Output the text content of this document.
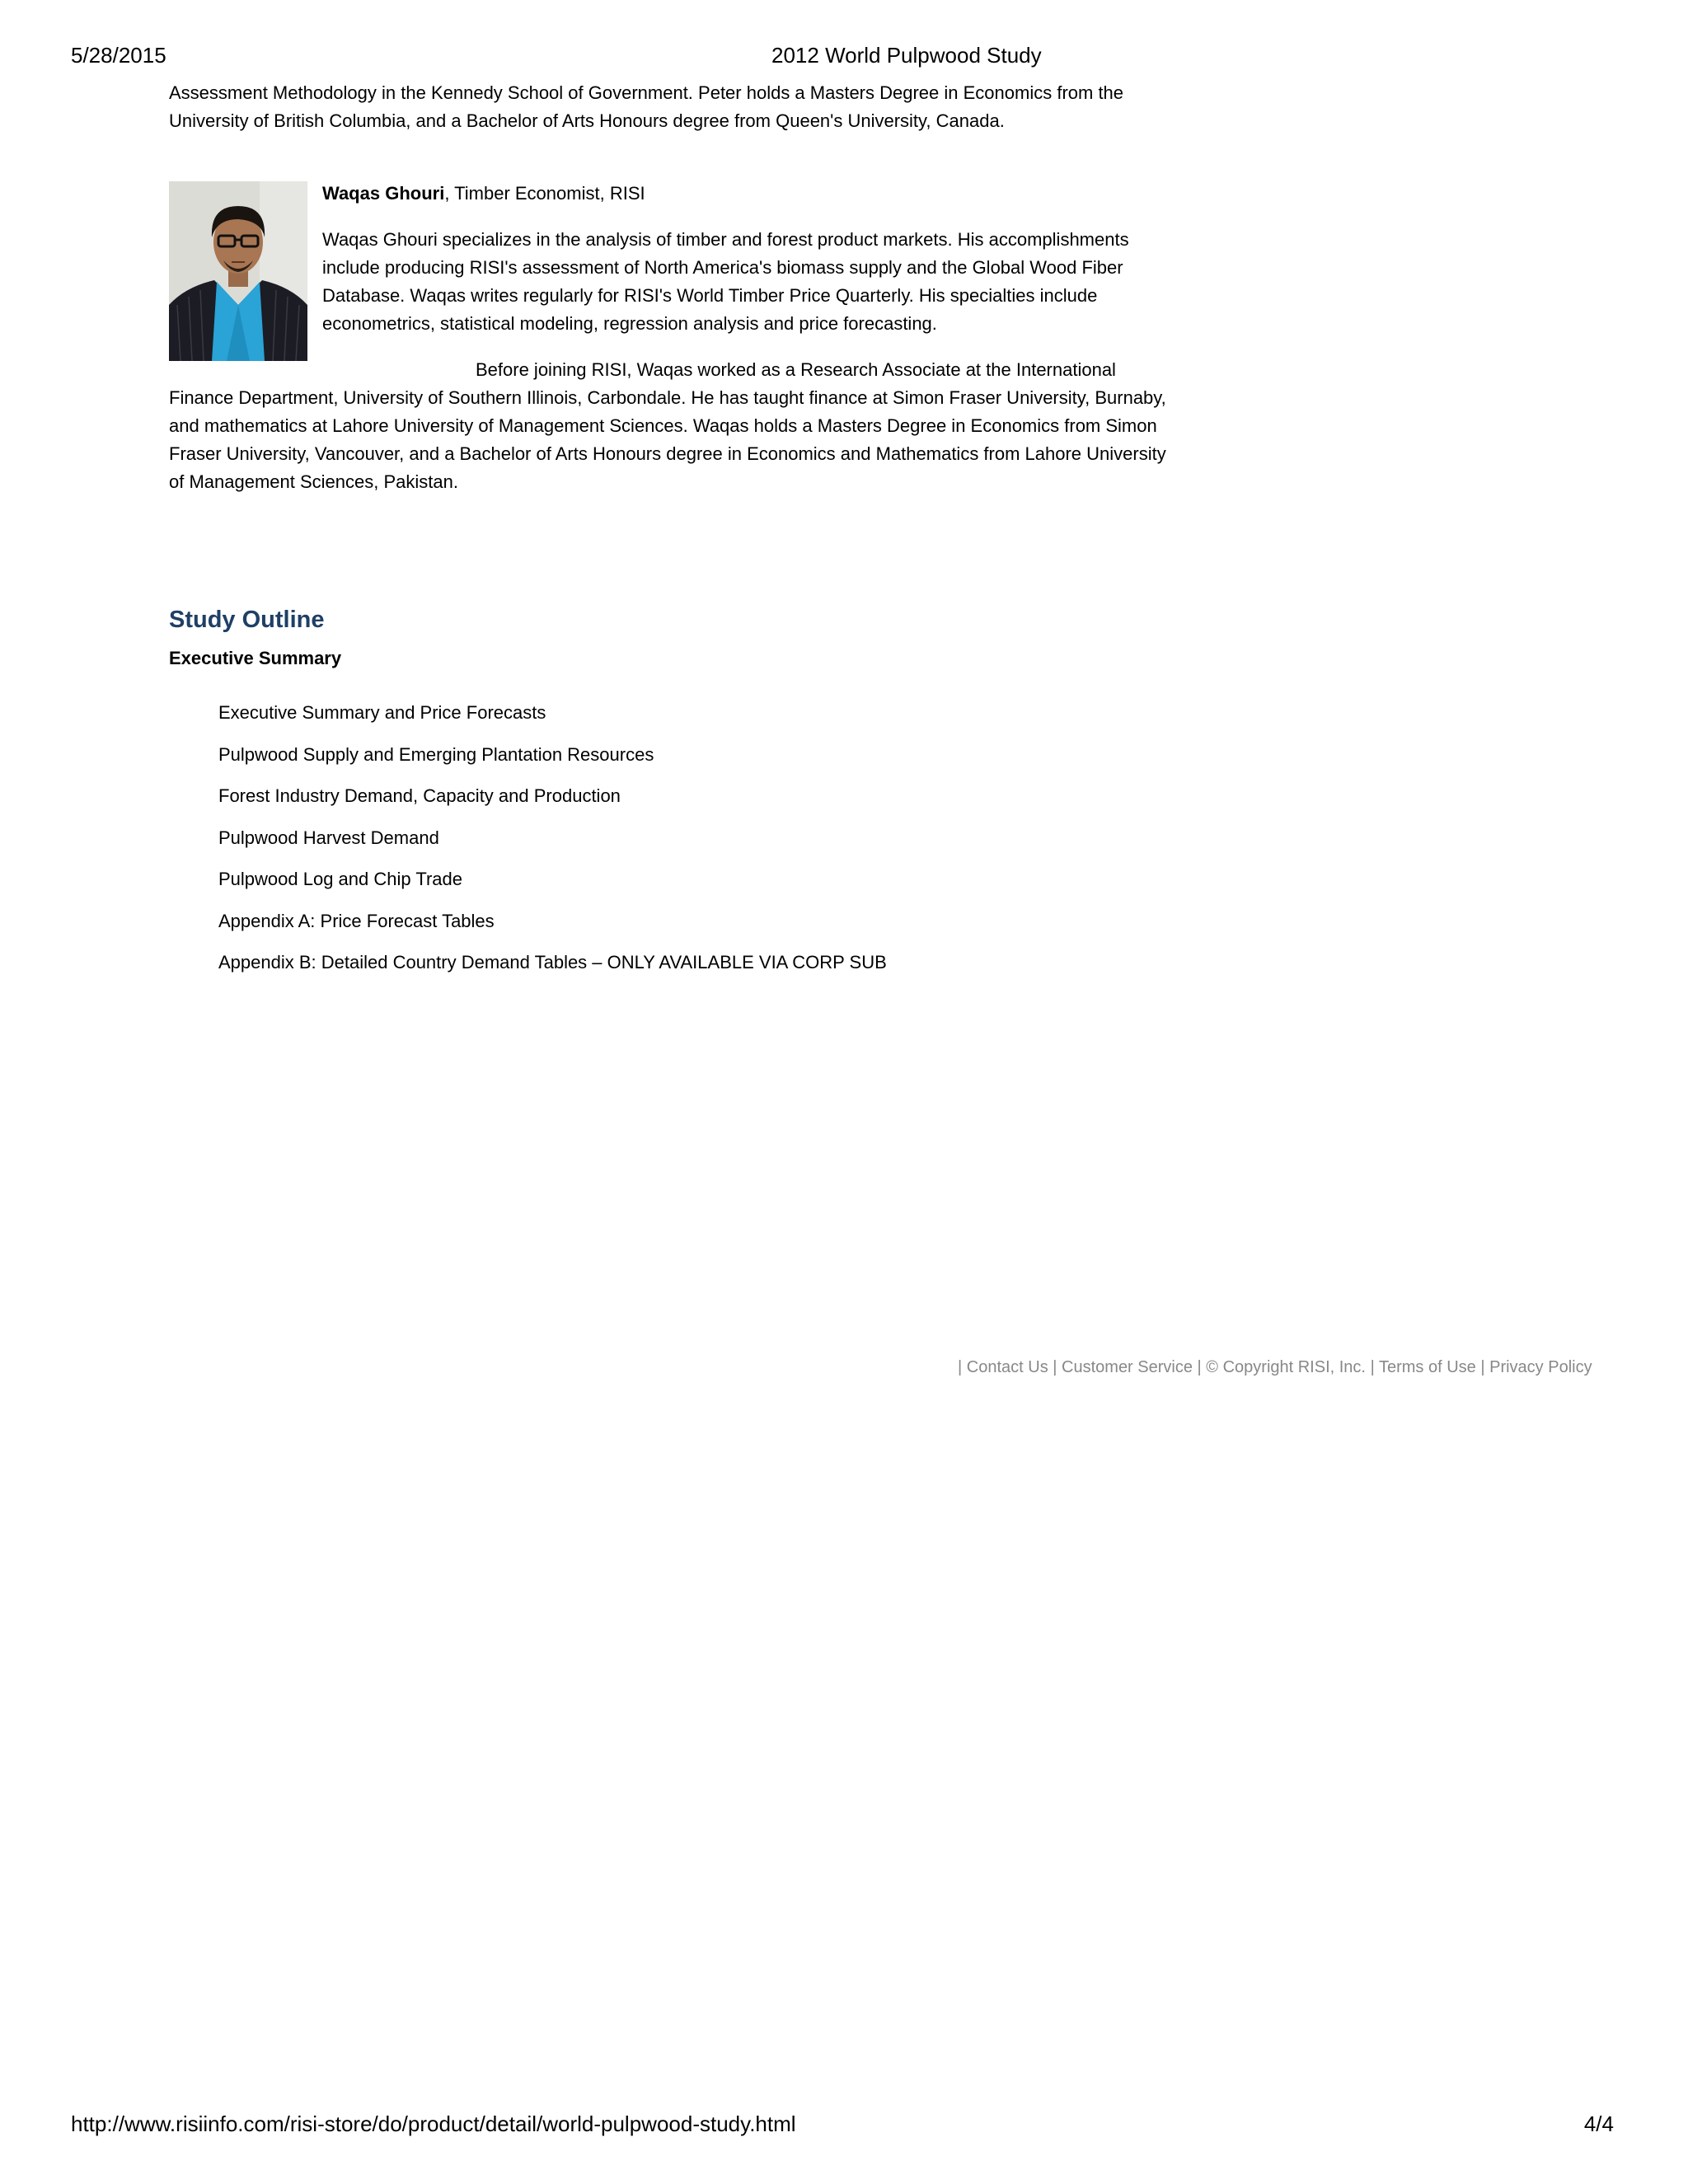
5/28/2015	2012 World Pulpwood Study

Assessment Methodology in the Kennedy School of Government. Peter holds a Masters Degree in Economics from the University of British Columbia, and a Bachelor of Arts Honours degree from Queen's University, Canada.

Waqas Ghouri, Timber Economist, RISI

Waqas Ghouri specializes in the analysis of timber and forest product markets. His accomplishments include producing RISI's assessment of North America's biomass supply and the Global Wood Fiber Database. Waqas writes regularly for RISI's World Timber Price Quarterly. His specialties include econometrics, statistical modeling, regression analysis and price forecasting.

Before joining RISI, Waqas worked as a Research Associate at the International Finance Department, University of Southern Illinois, Carbondale. He has taught finance at Simon Fraser University, Burnaby, and mathematics at Lahore University of Management Sciences. Waqas holds a Masters Degree in Economics from Simon Fraser University, Vancouver, and a Bachelor of Arts Honours degree in Economics and Mathematics from Lahore University of Management Sciences, Pakistan.

Study Outline
Executive Summary
Executive Summary and Price Forecasts
Pulpwood Supply and Emerging Plantation Resources
Forest Industry Demand, Capacity and Production
Pulpwood Harvest Demand
Pulpwood Log and Chip Trade
Appendix A: Price Forecast Tables
Appendix B: Detailed Country Demand Tables – ONLY AVAILABLE VIA CORP SUB
| Contact Us | Customer Service | © Copyright RISI, Inc. | Terms of Use | Privacy Policy
http://www.risiinfo.com/risi-store/do/product/detail/world-pulpwood-study.html	4/4
